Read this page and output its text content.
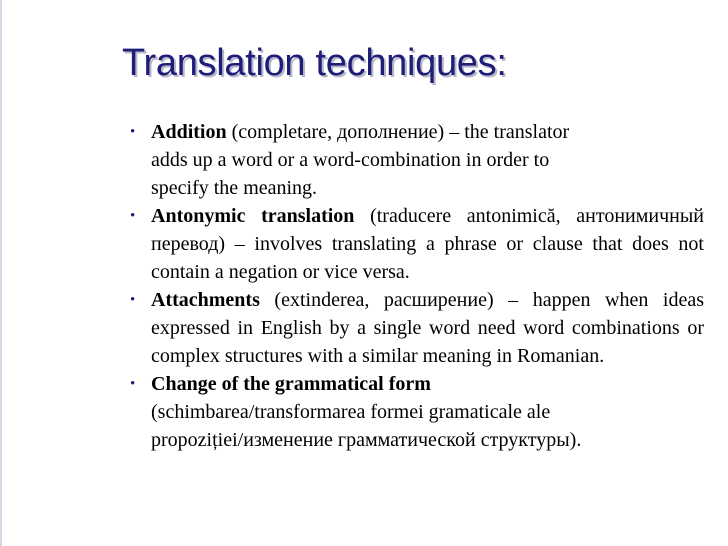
Translation techniques:
• Addition (completare, дополнение) – the translator

adds up a word or a word-combination in order to

specify the meaning.

• Antonymic translation (traducere antonimică, антонимичный перевод) – involves translating a phrase or clause that does not contain a negation or vice versa.

• Attachments (extinderea, расширение) – happen when ideas expressed in English by a single word need word combinations or complex structures with a similar meaning in Romanian.

• Change of the grammatical form

(schimbarea/transformarea formei gramaticale ale

propoziției/изменение грамматической структуры).
